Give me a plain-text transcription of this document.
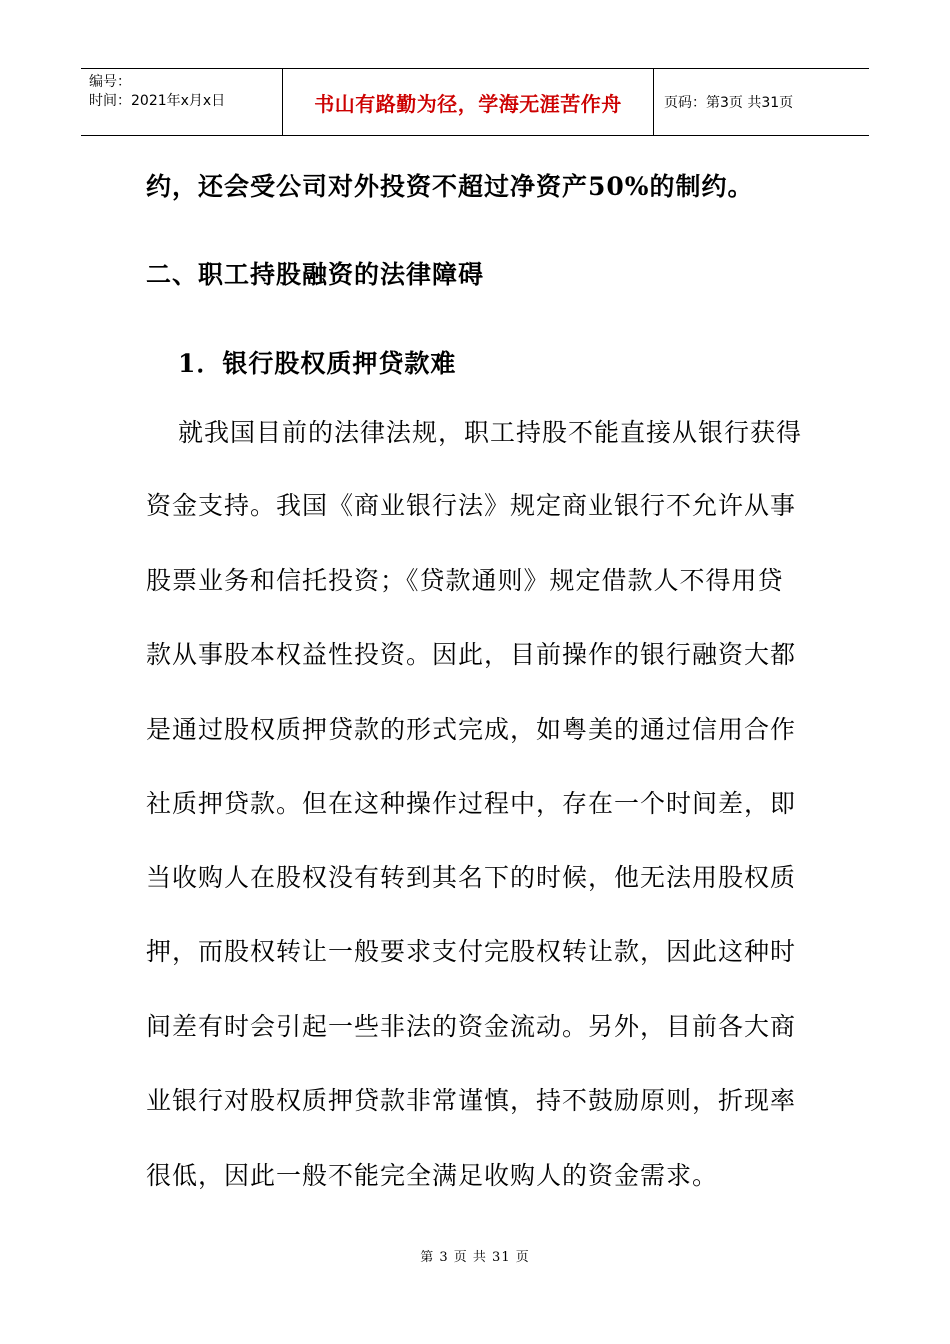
编号：
时间：2021年x月x日	书山有路勤为径，学海无涯苦作舟	页码：第3页 共31页
约，还会受公司对外投资不超过净资产50%的制约。
二、职工持股融资的法律障碍
1．银行股权质押贷款难
就我国目前的法律法规，职工持股不能直接从银行获得
资金支持。我国《商业银行法》规定商业银行不允许从事
股票业务和信托投资；《贷款通则》规定借款人不得用贷
款从事股本权益性投资。因此，目前操作的银行融资大都
是通过股权质押贷款的形式完成，如粤美的通过信用合作
社质押贷款。但在这种操作过程中，存在一个时间差，即
当收购人在股权没有转到其名下的时候，他无法用股权质
押，而股权转让一般要求支付完股权转让款，因此这种时
间差有时会引起一些非法的资金流动。另外，目前各大商
业银行对股权质押贷款非常谨慎，持不鼓励原则，折现率
很低，因此一般不能完全满足收购人的资金需求。
第 3 页 共 31 页
